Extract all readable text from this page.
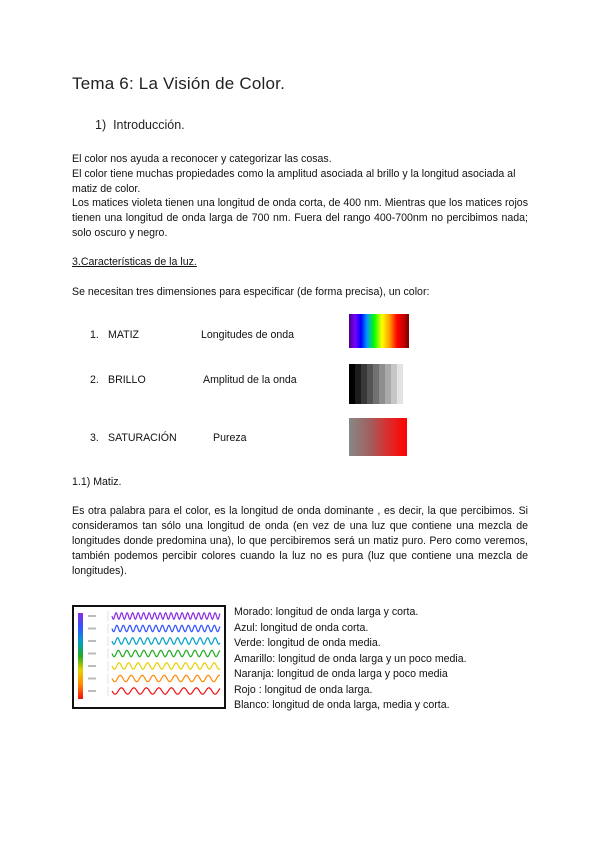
Tema 6: La Visión de Color.
1) Introducción.
El color nos ayuda a reconocer y categorizar las cosas.
El color tiene muchas propiedades como la amplitud asociada al brillo y la longitud asociada al matiz de color.
Los matices violeta tienen una longitud de onda corta, de 400 nm. Mientras que los matices rojos tienen una longitud de onda larga de 700 nm. Fuera del rango 400-700nm no percibimos nada; solo oscuro y negro.
3.Características de la luz.
Se necesitan tres dimensiones para especificar (de forma precisa), un color:
1. MATIZ	Longitudes de onda
2. BRILLO	Amplitud de la onda
3. SATURACIÓN	Pureza
1.1) Matiz.
Es otra palabra para el color, es la longitud de onda dominante , es decir, la que percibimos. Si consideramos tan sólo una longitud de onda (en vez de una luz que contiene una mezcla de longitudes donde predomina una), lo que percibiremos será un matiz puro. Pero como veremos, también podemos percibir colores cuando la luz no es pura (luz que contiene una mezcla de longitudes).
Morado: longitud de onda larga y corta.
Azul: longitud de onda corta.
Verde: longitud de onda media.
Amarillo: longitud de onda larga y un poco media.
Naranja: longitud de onda larga y poco media
Rojo : longitud de onda larga.
Blanco: longitud de onda larga, media y corta.
